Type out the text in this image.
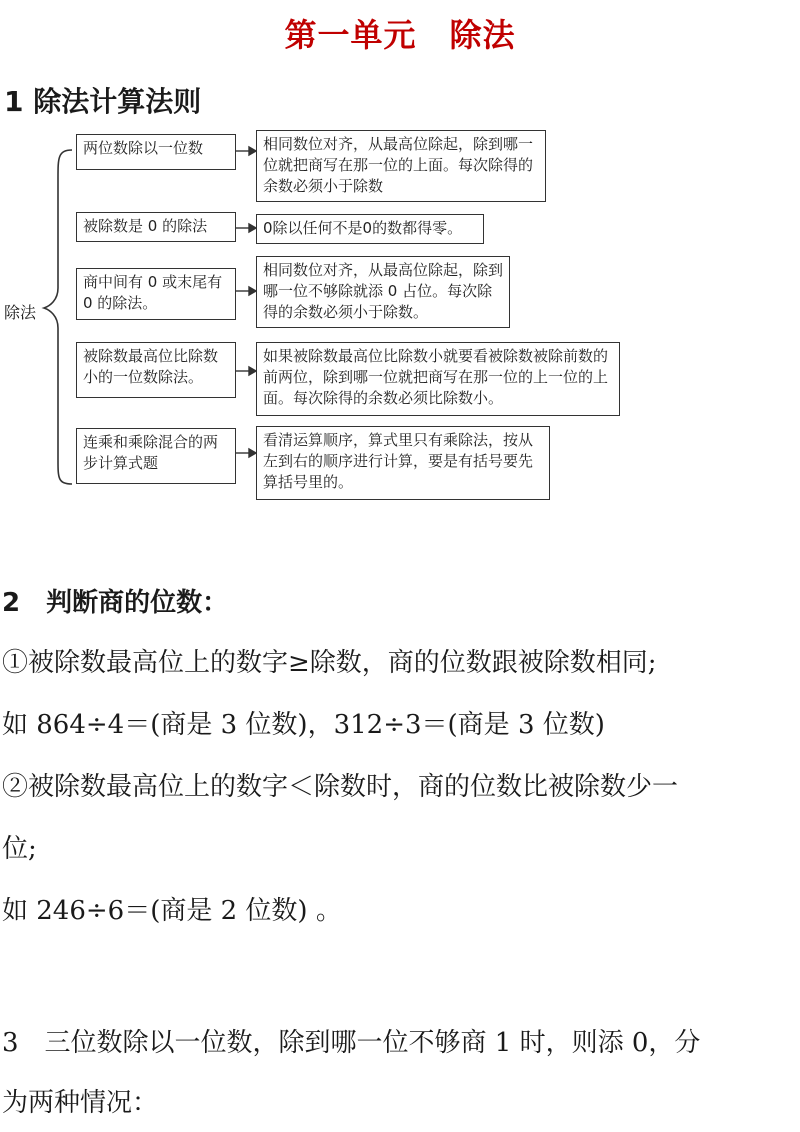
第一单元　除法
1 除法计算法则
除法
两位数除以一位数	相同数位对齐，从最高位除起，除到哪一位就把商写在那一位的上面。每次除得的余数必须小于除数
被除数是 0 的除法	0除以任何不是0的数都得零。
商中间有 0 或末尾有 0 的除法。
相同数位对齐，从最高位除起，除到哪一位不够除就添 0 占位。每次除得的余数必须小于除数。
被除数最高位比除数小的一位数除法。
如果被除数最高位比除数小就要看被除数被除前数的前两位，除到哪一位就把商写在那一位的上一位的上面。每次除得的余数必须比除数小。
连乘和乘除混合的两步计算式题
看清运算顺序，算式里只有乘除法，按从左到右的顺序进行计算，要是有括号要先算括号里的。
2　判断商的位数：
①被除数最高位上的数字≥除数，商的位数跟被除数相同;
如 864÷4＝(商是 3 位数)，312÷3＝(商是 3 位数)
②被除数最高位上的数字＜除数时，商的位数比被除数少一
位;
如 246÷6＝(商是 2 位数) 。
3　三位数除以一位数，除到哪一位不够商 1 时，则添 0，分
为两种情况：
